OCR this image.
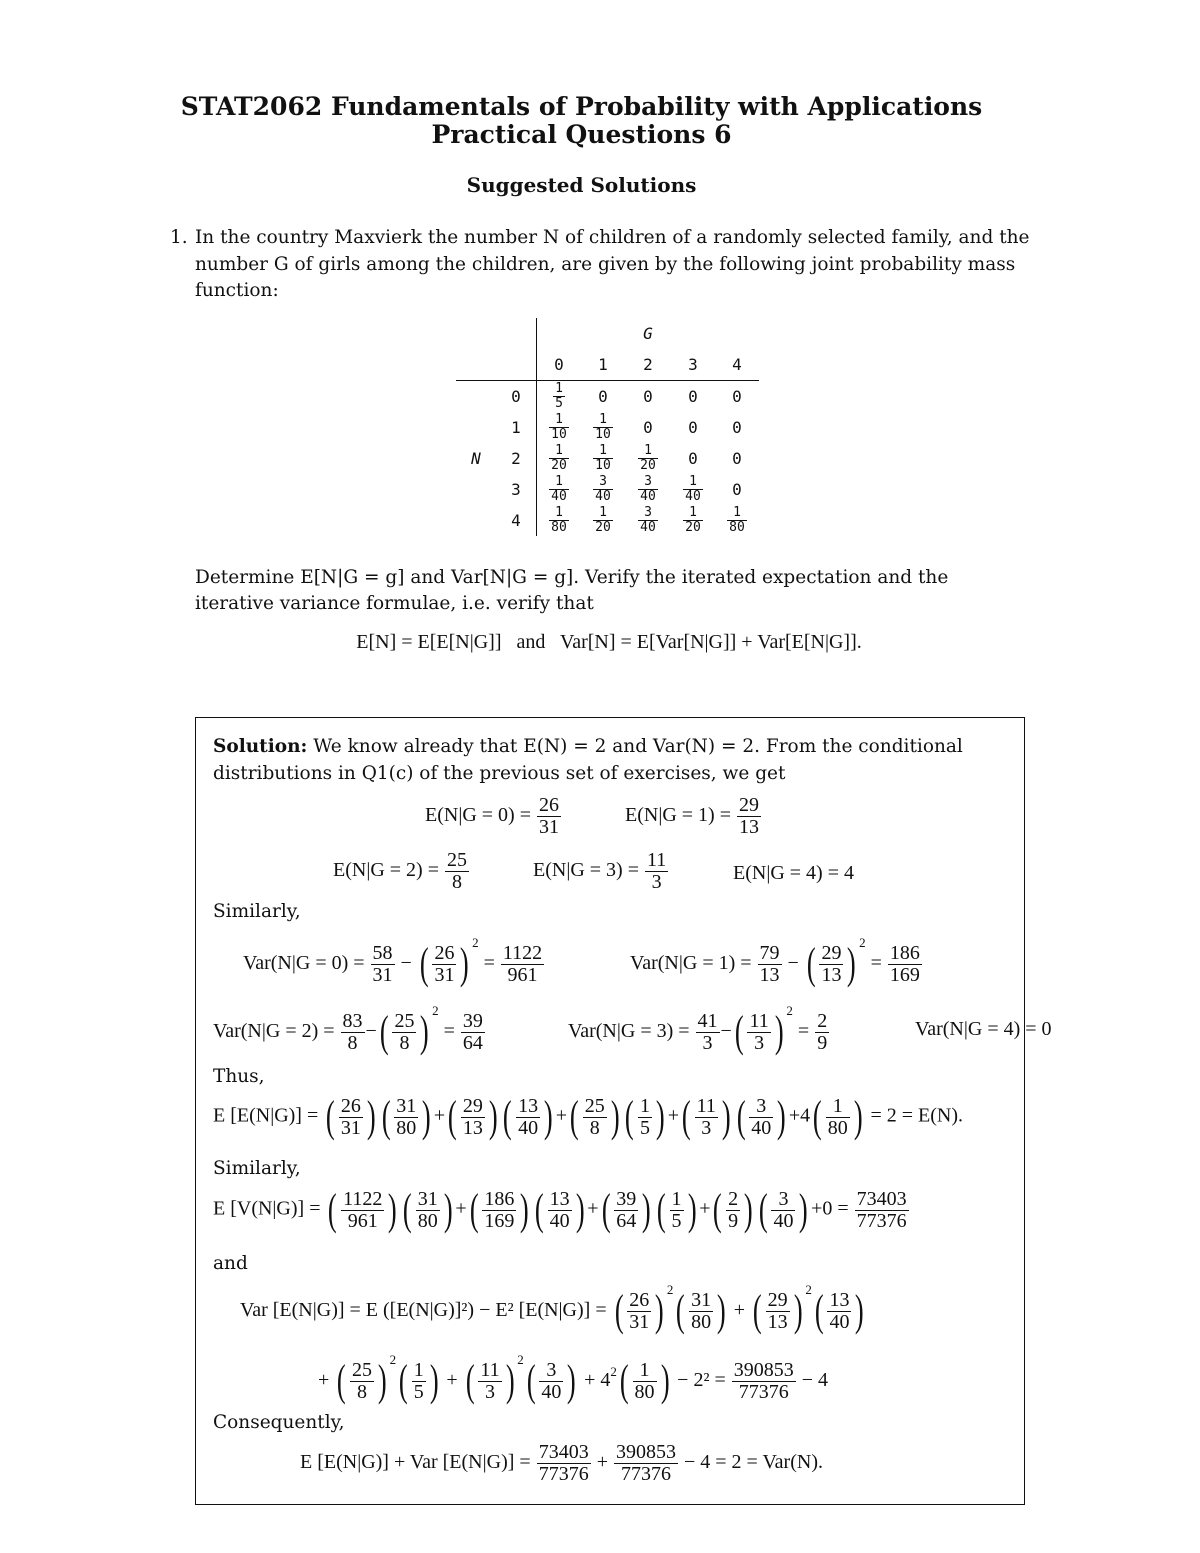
STAT2062 Fundamentals of Probability with Applications
Practical Questions 6
Suggested Solutions
1. In the country Maxvierk the number N of children of a randomly selected family, and the
number G of girls among the children, are given by the following joint probability mass
function:
		G				
		0	1	2	3	4
	0	$\frac{1}{5}$	0	0	0	0
	1	$\frac{1}{10}$	$\frac{1}{10}$	0	0	0
N	2	$\frac{1}{20}$	$\frac{1}{10}$	$\frac{1}{20}$	0	0
	3	$\frac{1}{40}$	$\frac{3}{40}$	$\frac{3}{40}$	$\frac{1}{40}$	0
	4	$\frac{1}{80}$	$\frac{1}{20}$	$\frac{3}{40}$	$\frac{1}{20}$	$\frac{1}{80}$
Determine E[N|G = g] and Var[N|G = g]. Verify the iterated expectation and the
iterative variance formulae, i.e. verify that
E[N] = E[E[N|G]]   and   Var[N] = E[Var[N|G]] + Var[E[N|G]].
Solution: We know already that E(N) = 2 and Var(N) = 2. From the conditional
distributions in Q1(c) of the previous set of exercises, we get
$E(N|G = 0) = \frac{26}{31}$	$E(N|G = 1) = \frac{29}{13}$
$E(N|G = 2) = \frac{25}{8}$	$E(N|G = 3) = \frac{11}{3}$	E(N|G = 4) = 4
Similarly,
$Var(N|G = 0) = \frac{58}{31}$ − ( $\frac{26}{31}$ ) $^2 = \frac{1122}{961}$	$Var(N|G = 1) = \frac{79}{13}$ − ( $\frac{29}{13}$ ) $^2 = \frac{186}{169}$
$Var(N|G = 2) = \frac{83}{8}$ −( $\frac{25}{8}$ ) $^2 = \frac{39}{64}$	$Var(N|G = 3) = \frac{41}{3}$ −( $\frac{11}{3}$ ) $^2 = \frac{2}{9}$	Var(N|G = 4) = 0
Thus,
E [E(N|G)] = ( $\frac{26}{31}$ ) ( $\frac{31}{80}$ ) +( $\frac{29}{13}$ ) ( $\frac{13}{40}$ ) +( $\frac{25}{8}$ ) ( $\frac{1}{5}$ ) +( $\frac{11}{3}$ ) ( $\frac{3}{40}$ ) $+4( \frac{1}{80}$ ) = 2 = E(N).
Similarly,
E [V(N|G)] = ( $\frac{1122}{961}$ ) ( $\frac{31}{80}$ ) +( $\frac{186}{169}$ ) ( $\frac{13}{40}$ ) +( $\frac{39}{64}$ ) ( $\frac{1}{5}$ ) +( $\frac{2}{9}$ ) ( $\frac{3}{40}$ ) $+0 = \frac{73403}{77376}$
and
Var [E(N|G)] = E ([E(N|G)]²) − E² [E(N|G)] = ( $\frac{26}{31}$ ) $^2( \frac{31}{80}$ ) + ( $\frac{29}{13}$ ) $^2( \frac{13}{40}$ )
+ ( $\frac{25}{8}$ ) $^2( \frac{1}{5}$ ) + ( $\frac{11}{3}$ ) $^2( \frac{3}{40}$ ) + $4^2( \frac{1}{80}$ ) − $2^2 = \frac{390853}{77376} - 4$
Consequently,
E [E(N|G)] + Var $[E(N|G)] = \frac{73403}{77376} + \frac{390853}{77376} - 4 = 2 = Var(N)$.
